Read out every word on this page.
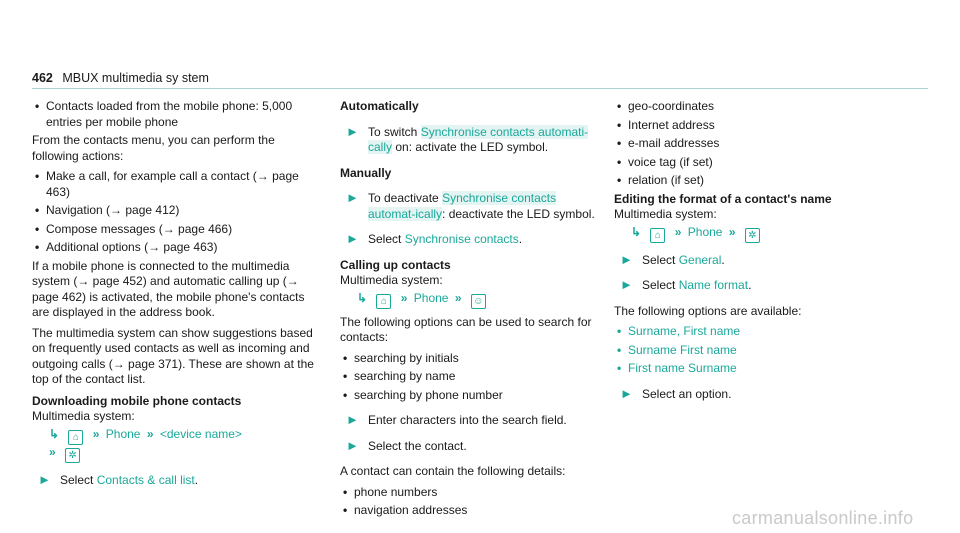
462 MBUX multimedia sy stem
• Contacts loaded from the mobile phone: 5,000 entries per mobile phone

From the contacts menu, you can perform the following actions:

• Make a call, for example call a contact (→ page 463)
• Navigation (→ page 412)
• Compose messages (→ page 466)
• Additional options (→ page 463)

If a mobile phone is connected to the multimedia system (→ page 452) and automatic calling up (→ page 462) is activated, the mobile phone's contacts are displayed in the address book.

The multimedia system can show suggestions based on frequently used contacts as well as incoming and outgoing calls (→ page 371). These are shown at the top of the contact list.

Downloading mobile phone contacts
Multimedia system:
↳ ⌂ » Phone » <device name>
» ✲
► Select Contacts & call list.
Automatically
► To switch Synchronise contacts automati-cally on: activate the LED symbol.
Manually
► To deactivate Synchronise contacts automat-ically: deactivate the LED symbol.
► Select Synchronise contacts.
Calling up contacts
Multimedia system:
↳ ⌂ » Phone » ☺

The following options can be used to search for contacts:

• searching by initials
• searching by name
• searching by phone number
► Enter characters into the search field.
► Select the contact.

A contact can contain the following details:

• phone numbers
• navigation addresses
• geo-coordinates
• Internet address
• e-mail addresses
• voice tag (if set)
• relation (if set)
Editing the format of a contact's name
Multimedia system:
↳ ⌂ » Phone » ✲
► Select General.
► Select Name format.

The following options are available:

• Surname, First name
• Surname First name
• First name Surname
► Select an option.
carmanualsonline.info
